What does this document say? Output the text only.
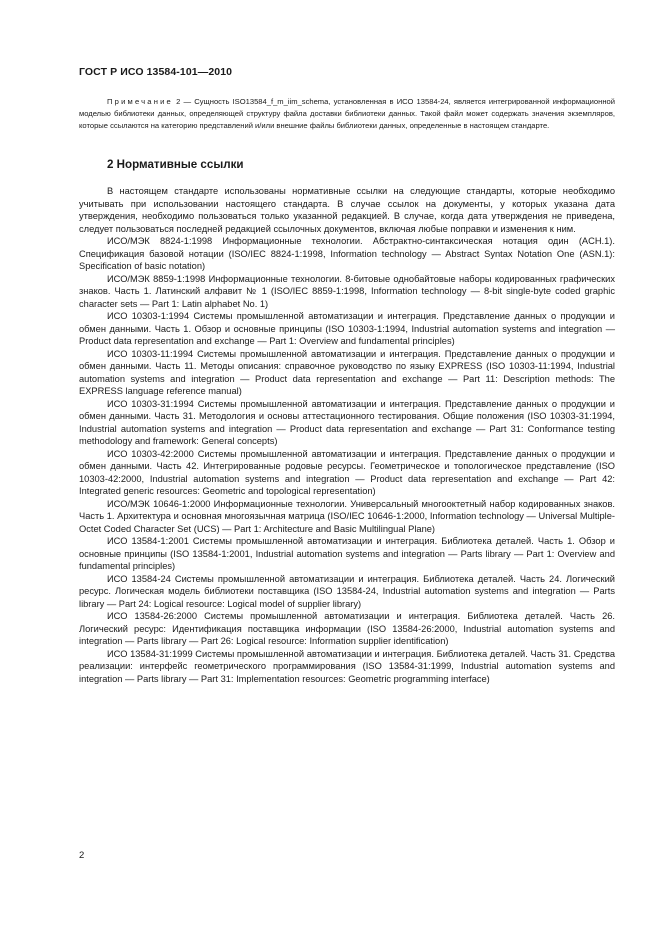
ГОСТ Р ИСО 13584-101—2010

Примечание 2 — Сущность ISO13584_f_m_iim_schema, установленная в ИСО 13584-24, является интегрированной информационной моделью библиотеки данных, определяющей структуру файла доставки библиотеки данных. Такой файл может содержать значения экземпляров, которые ссылаются на категорию представлений и/или внешние файлы библиотеки данных, определенные в настоящем стандарте.

2 Нормативные ссылки

В настоящем стандарте использованы нормативные ссылки на следующие стандарты, которые необходимо учитывать при использовании настоящего стандарта. В случае ссылок на документы, у которых указана дата утверждения, необходимо пользоваться только указанной редакцией. В случае, когда дата утверждения не приведена, следует пользоваться последней редакцией ссылочных документов, включая любые поправки и изменения к ним.

ИСО/МЭК 8824-1:1998 Информационные технологии. Абстрактно-синтаксическая нотация один (ACH.1). Спецификация базовой нотации (ISO/IEC 8824-1:1998, Information technology — Abstract Syntax Notation One (ASN.1): Specification of basic notation)

ИСО/МЭК 8859-1:1998 Информационные технологии. 8-битовые однобайтовые наборы кодированных графических знаков. Часть 1. Латинский алфавит № 1 (ISO/IEC 8859-1:1998, Information technology — 8-bit single-byte coded graphic character sets — Part 1: Latin alphabet No. 1)

ИСО 10303-1:1994 Системы промышленной автоматизации и интеграция. Представление данных о продукции и обмен данными. Часть 1. Обзор и основные принципы (ISO 10303-1:1994, Industrial automation systems and integration — Product data representation and exchange — Part 1: Overview and fundamental principles)

ИСО 10303-11:1994 Системы промышленной автоматизации и интеграция. Представление данных о продукции и обмен данными. Часть 11. Методы описания: справочное руководство по языку EXPRESS (ISO 10303-11:1994, Industrial automation systems and integration — Product data representation and exchange — Part 11: Description methods: The EXPRESS language reference manual)

ИСО 10303-31:1994 Системы промышленной автоматизации и интеграция. Представление данных о продукции и обмен данными. Часть 31. Методология и основы аттестационного тестирования. Общие положения (ISO 10303-31:1994, Industrial automation systems and integration — Product data representation and exchange — Part 31: Conformance testing methodology and framework: General concepts)

ИСО 10303-42:2000 Системы промышленной автоматизации и интеграция. Представление данных о продукции и обмен данными. Часть 42. Интегрированные родовые ресурсы. Геометрическое и топологическое представление (ISO 10303-42:2000, Industrial automation systems and integration — Product data representation and exchange — Part 42: Integrated generic resources: Geometric and topological representation)

ИСО/МЭК 10646-1:2000 Информационные технологии. Универсальный многооктетный набор кодированных знаков. Часть 1. Архитектура и основная многоязычная матрица (ISO/IEC 10646-1:2000, Information technology — Universal Multiple-Octet Coded Character Set (UCS) — Part 1: Architecture and Basic Multilingual Plane)

ИСО 13584-1:2001 Системы промышленной автоматизации и интеграция. Библиотека деталей. Часть 1. Обзор и основные принципы (ISO 13584-1:2001, Industrial automation systems and integration — Parts library — Part 1: Overview and fundamental principles)

ИСО 13584-24 Системы промышленной автоматизации и интеграция. Библиотека деталей. Часть 24. Логический ресурс. Логическая модель библиотеки поставщика (ISO 13584-24, Industrial automation systems and integration — Parts library — Part 24: Logical resource: Logical model of supplier library)

ИСО 13584-26:2000 Системы промышленной автоматизации и интеграция. Библиотека деталей. Часть 26. Логический ресурс: Идентификация поставщика информации (ISO 13584-26:2000, Industrial automation systems and integration — Parts library — Part 26: Logical resource: Information supplier identification)

ИСО 13584-31:1999 Системы промышленной автоматизации и интеграция. Библиотека деталей. Часть 31. Средства реализации: интерфейс геометрического программирования (ISO 13584-31:1999, Industrial automation systems and integration — Parts library — Part 31: Implementation resources: Geometric programming interface)

2
